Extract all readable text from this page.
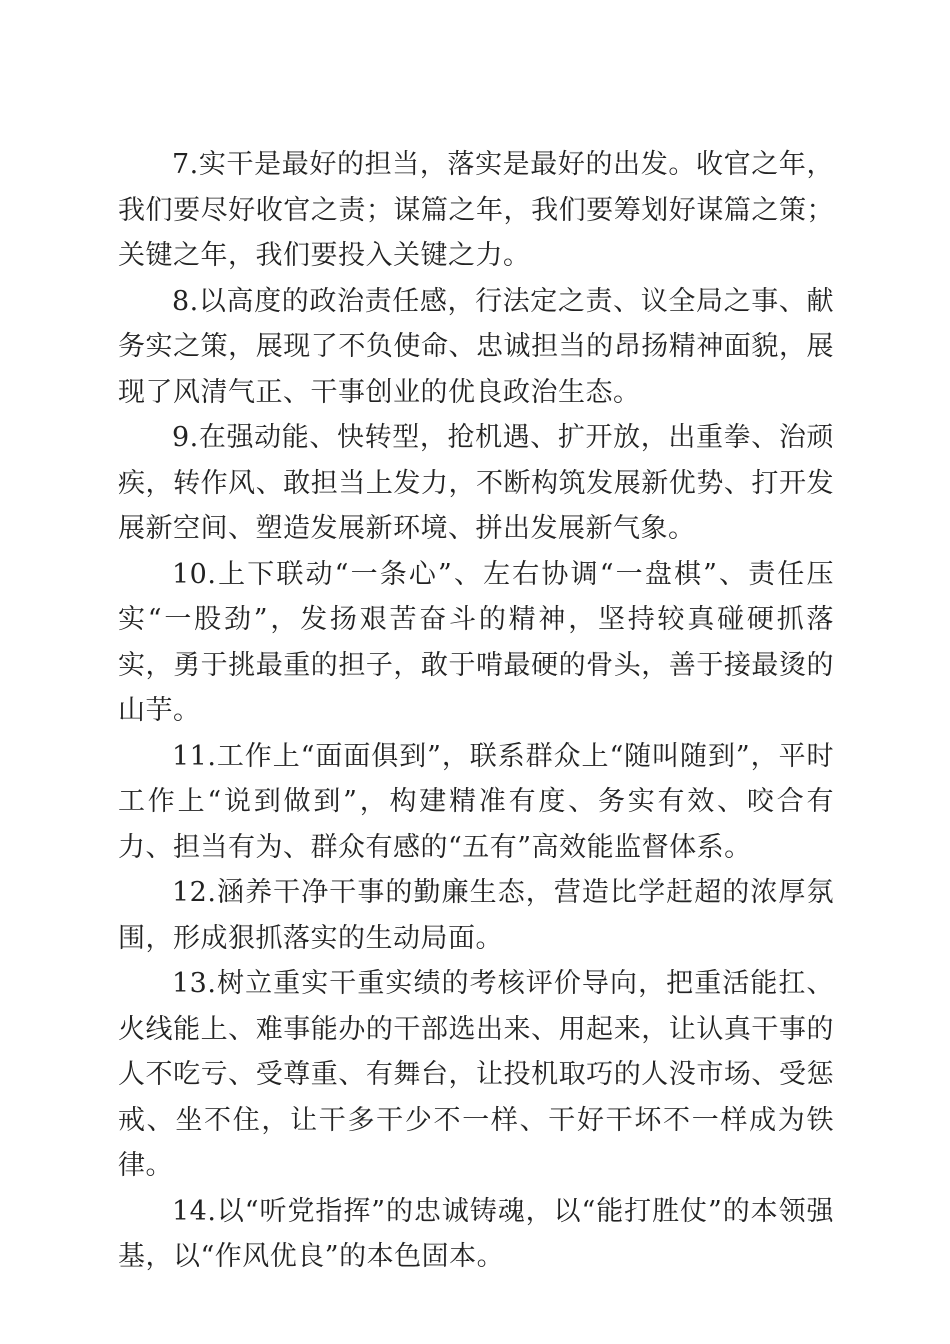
7.实干是最好的担当，落实是最好的出发。收官之年，我们要尽好收官之责；谋篇之年，我们要筹划好谋篇之策；关键之年，我们要投入关键之力。

8.以高度的政治责任感，行法定之责、议全局之事、献务实之策，展现了不负使命、忠诚担当的昂扬精神面貌，展现了风清气正、干事创业的优良政治生态。

9.在强动能、快转型，抢机遇、扩开放，出重拳、治顽疾，转作风、敢担当上发力，不断构筑发展新优势、打开发展新空间、塑造发展新环境、拼出发展新气象。

10.上下联动“一条心”、左右协调“一盘棋”、责任压实“一股劲”，发扬艰苦奋斗的精神，坚持较真碰硬抓落实，勇于挑最重的担子，敢于啃最硬的骨头，善于接最烫的山芋。

11.工作上“面面俱到”，联系群众上“随叫随到”，平时工作上“说到做到”，构建精准有度、务实有效、咬合有力、担当有为、群众有感的“五有”高效能监督体系。

12.涵养干净干事的勤廉生态，营造比学赶超的浓厚氛围，形成狠抓落实的生动局面。

13.树立重实干重实绩的考核评价导向，把重活能扛、火线能上、难事能办的干部选出来、用起来，让认真干事的人不吃亏、受尊重、有舞台，让投机取巧的人没市场、受惩戒、坐不住，让干多干少不一样、干好干坏不一样成为铁律。

14.以“听党指挥”的忠诚铸魂，以“能打胜仗”的本领强基，以“作风优良”的本色固本。
